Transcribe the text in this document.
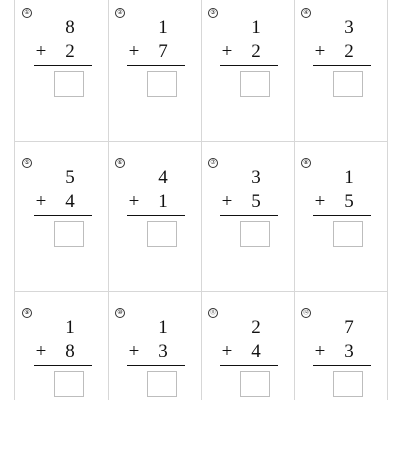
①
8
+ 2
②
1
+ 7
③
1
+ 2
④
3
+ 2
⑤
5
+ 4
⑥
4
+ 1
⑦
3
+ 5
⑧
1
+ 5
⑨
1
+ 8
⑩
1
+ 3
⑪
2
+ 4
⑫
7
+ 3
